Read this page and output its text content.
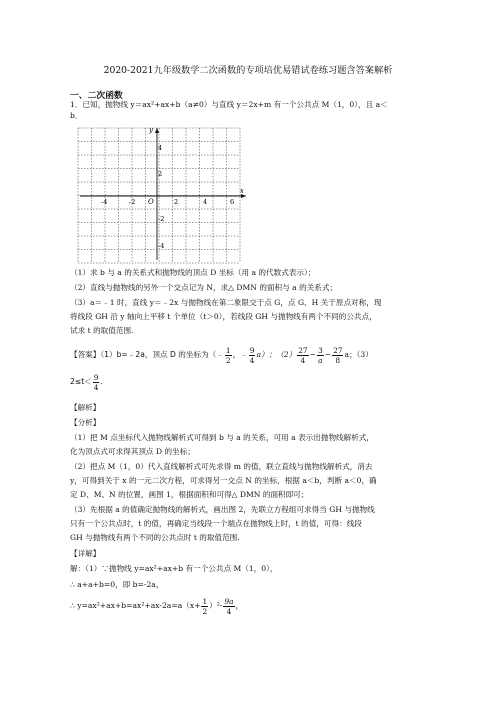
2020-2021九年级数学二次函数的专项培优易错试卷练习题含答案解析
一、二次函数
1．已知，抛物线 y＝ax²+ax+b（a≠0）与直线 y＝2x+m 有一个公共点 M（1，0），且 a＜
b．
x
y
O
-4	-2	2	4	6
4
2
-2
-4
（1）求 b 与 a 的关系式和抛物线的顶点 D 坐标（用 a 的代数式表示）；
（2）直线与抛物线的另外一个交点记为 N，求△ DMN 的面积与 a 的关系式；
（3）a＝﹣1 时，直线 y＝﹣2x 与抛物线在第二象限交于点 G，点 G、H 关于原点对称，现
将线段 GH 沿 y 轴向上平移 t 个单位（t＞0），若线段 GH 与抛物线有两个不同的公共点，
试求 t 的取值范围.
【答案】（1）b=﹣2a，顶点 D 的坐标为（﹣ $\frac{1}{2}$ ，﹣ $\frac{9}{4} a$）；$(2) \frac{27}{4} - \frac{3}{a} - \frac{27}{8}$ a；（3）
$2\le t< \frac{9}{4}$ .
【解析】
【分析】
（1）把 M 点坐标代入抛物线解析式可得到 b 与 a 的关系，可用 a 表示出抛物线解析式，
化为顶点式可求得其顶点 D 的坐标；
（2）把点 M（1，0）代入直线解析式可先求得 m 的值，联立直线与抛物线解析式，消去
y，可得到关于 x 的一元二次方程，可求得另一交点 N 的坐标，根据 a＜b，判断 a＜0，确
定 D、M、N 的位置，画图 1，根据面积和可得△ DMN 的面积即可；
（3）先根据 a 的值确定抛物线的解析式，画出图 2，先联立方程组可求得当 GH 与抛物线
只有一个公共点时，t 的值，再确定当线段一个端点在抛物线上时，t 的值，可得：线段
GH 与抛物线有两个不同的公共点时 t 的取值范围.
【详解】
解：（1）∵抛物线 y=ax²+ax+b 有一个公共点 M（1，0），
∴ a+a+b=0，即 b=-2a，
∴ $y=ax^2+ax+b=ax^2+ax-2a=a(x+ \frac{1}{2} )^2- \frac{9a}{4}$ ，
